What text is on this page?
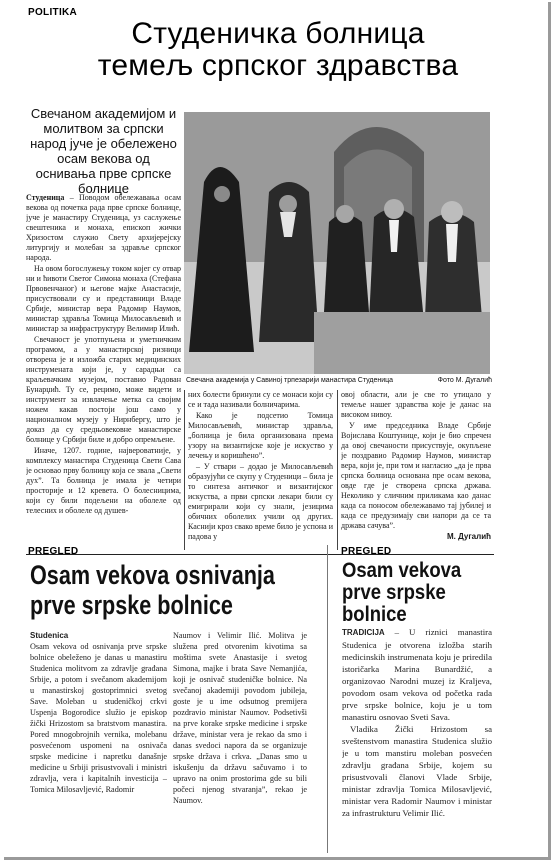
POLITIKA
Студеничка болница
темељ српског здравства
Свечаном академијом и молитвом за српски народ јуче је обележено осам векова од оснивања прве српске болнице
Свечана академија у Савиној трпезарији манастира Студеница	Фото М. Дугалић

Студеница – Поводом обележавања осам векова од почетка рада прве српске болнице, јуче је манастиру Студеница, уз саслужење свештеника и монаха, епископ жички Хризостом служио Свету архијерејску литургију и молебан за здравље српског народа.

На овом богослужењу током којег су отвар ни и ћивоти Светог Симона монаха (Стефана Првовенчаног) и његове мајке Анастасије, присуствовали су и представници Владе Србије, министар вера Радомир Наумов, министар здравља Томица Милосављевић и министар за инфраструктуру Велимир Илић.

Свечаност је употпуњена и уметничким програмом, а у манастирској ризници отворена је и изложба старих медицинских инструмената који је, у сарадњи са краљевачким музејом, поставио Радован Бунарџић. Ту се, рецимо, може видети и инструмент за извлачење метка са својим ножем какав постоји још само у националном музеју у Нирнбергу, што је доказ да су средњовековне манастирске болнице у Србији биле и добро опремљене.

Иначе, 1207. године, највероватније, у комплексу манастира Студеница Свети Сава је основао прву болницу која се звала „Свети дух”. Та болница је имала је четири просторије и 12 кревета. О болесницима, који су били подељени на оболеле од телесних и оболеле од душев-

них болести бринули су се монаси који су се и тада називали болничарима.

Како је подсетио Томица Милосављевић, министар здравља, „болница је била организована према узору на византијске које је искуство у лечењу и коришћено”.

– У ствари – додао је Милосављевић образујући се скупу у Студеници – била је то синтеза античког и византијског искуства, а први српски лекари били су емигрирали који су знали, језицима обичних оболелих учили од других. Каснији кроз свако време било је успона и падова у

овој области, али је све то утицало у темеље нашег здравства које је данас на високом нивоу.

У име председника Владе Србије Војислава Коштунице, који је био спречен да овој свечаности присуствује, окупљене је поздравио Радомир Наумов, министар вера, који је, при том и нагласио „да је прва српска болница основана пре осам векова, овде где је створена српска држава. Неколико у сличним приликама као данас када са поносом обележавамо тај јубилеј и када се предузимају сви напори да се та држава сачува”.

М. Дугалић
PREGLED
Osam vekova osnivanja
prve srpske bolnice
Studenica
Osam vekova od osnivanja prve srpske bolnice obeleženo je danas u manastiru Studenica molitvom za zdravlje građana Srbije, a potom i svečanom akademijom u manastirskoj gostoprimnici svetog Save. Moleban u studeničkoj crkvi Uspenja Bogorodice služio je episkop žički Hrizostom sa bratstvom manastira. Pored mnogobrojnih vernika, molebanu posvećenom uspomeni na osnivača srpske medicine i napretku današnje medicine u Srbiji prisustvovali i ministri zdravlja, vera i kapitalnih investicija – Tomica Milosavljević, Radomir
Naumov i Velimir Ilić. Molitva je služena pred otvorenim kivotima sa moštima svete Anastasije i svetog Simona, majke i brata Save Nemanjića, koji je osnivač studeničke bolnice. Na svečanoj akademiji povodom jubileja, goste je u ime odsutnog premijera pozdravio ministar Naumov. Podsetivši na prve korake srpske medicine i srpske države, ministar vera je rekao da smo i danas svedoci napora da se organizuje srpske država i crkva. „Danas smo u iskušenju da državu sačuvamo i to upravo na onim prostorima gde su bili počeci njenog stvaranja”, rekao je Naumov.
PREGLED
Osam vekova
prve srpske
bolnice

TRADICIJA – U riznici manastira Studenica je otvorena izložba starih medicinskih instrumenata koju je priredila istoričarka Marina Bunardžić, a organizovao Narodni muzej iz Kraljeva, povodom osam vekova od početka rada prve srpske bolnice, koju je u tom manastiru osnovao Sveti Sava.

Vladika Žički Hrizostom sa sveštenstvom manastira Studenica služio je u tom manstiru moleban posvećen zdravlju građana Srbije, kojem su prisustvovali članovi Vlade Srbije, ministar zdravlja Tomica Milosavljević, ministar vera Radomir Naumov i ministar za infrastrukturu Velimir Ilić.
